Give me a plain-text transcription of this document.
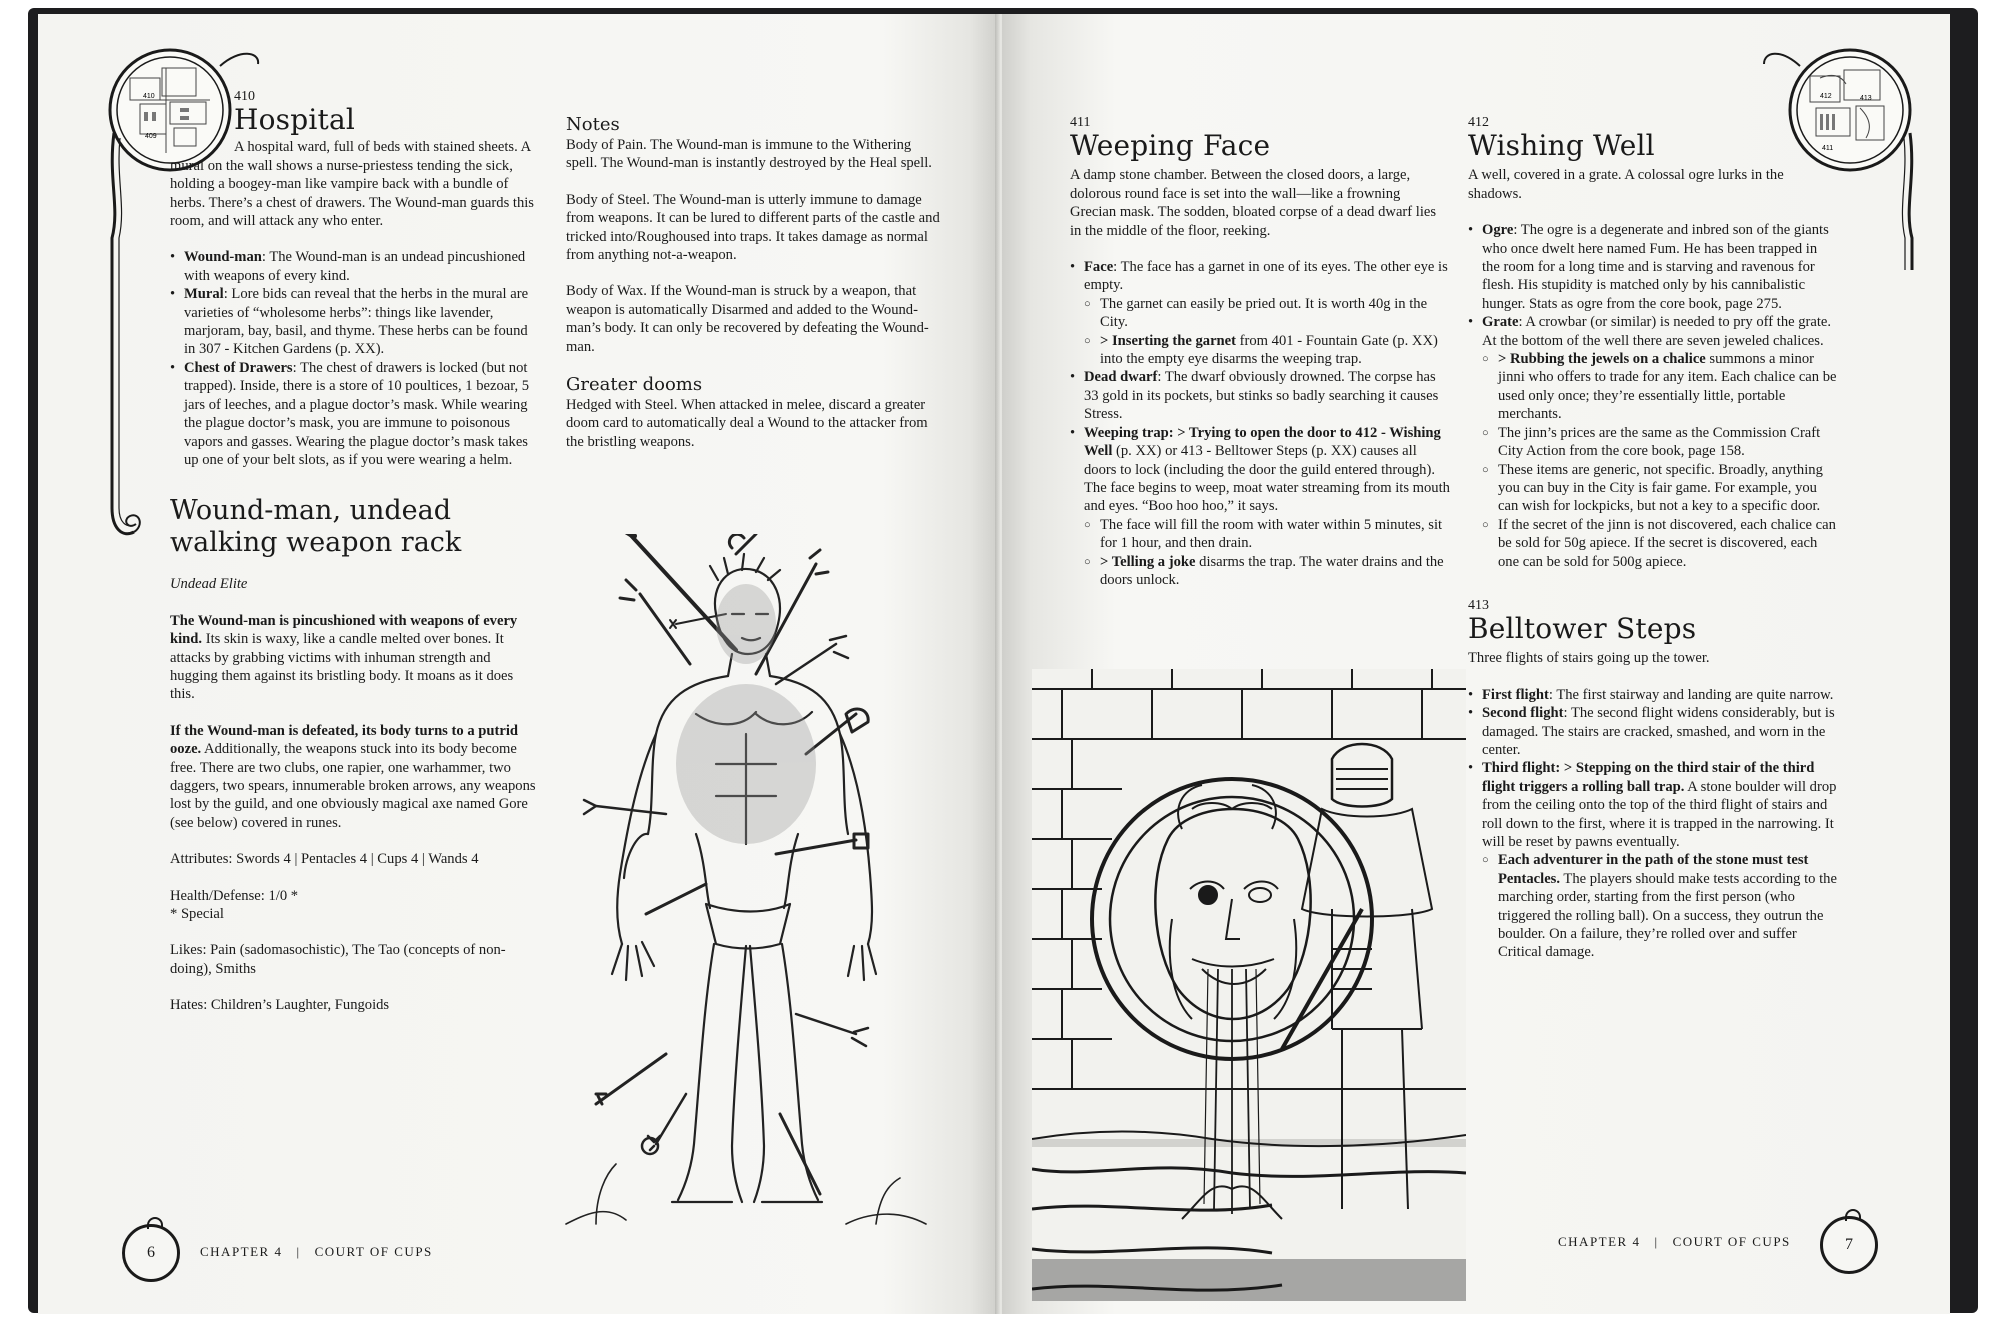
410
409
410
Hospital

A hospital ward, full of beds with stained sheets. A mural on the wall shows a nurse-priestess tending the sick, holding a boogey-man like vampire back with a bundle of herbs. There’s a chest of drawers. The Wound-man guards this room, and will attack any who enter.

• Wound-man: The Wound-man is an undead pincushioned with weapons of every kind.
• Mural: Lore bids can reveal that the herbs in the mural are varieties of “wholesome herbs”: things like lavender, marjoram, bay, basil, and thyme. These herbs can be found in 307 - Kitchen Gardens (p. XX).
• Chest of Drawers: The chest of drawers is locked (but not trapped). Inside, there is a store of 10 poultices, 1 bezoar, 5 jars of leeches, and a plague doctor’s mask. While wearing the plague doctor’s mask, you are immune to poisonous vapors and gasses. Wearing the plague doctor’s mask takes up one of your belt slots, as if you were wearing a helm.
Wound-man, undead walking weapon rack

Undead Elite

The Wound-man is pincushioned with weapons of every kind. Its skin is waxy, like a candle melted over bones. It attacks by grabbing victims with inhuman strength and hugging them against its bristling body. It moans as it does this.

If the Wound-man is defeated, its body turns to a putrid ooze. Additionally, the weapons stuck into its body become free. There are two clubs, one rapier, one warhammer, two daggers, two spears, innumerable broken arrows, any weapons lost by the guild, and one obviously magical axe named Gore (see below) covered in runes.

Attributes: Swords 4 | Pentacles 4 | Cups 4 | Wands 4

Health/Defense: 1/0 *
* Special

Likes: Pain (sadomasochistic), The Tao (concepts of non-doing), Smiths

Hates: Children’s Laughter, Fungoids

Notes

Body of Pain. The Wound-man is immune to the Withering spell. The Wound-man is instantly destroyed by the Heal spell.

Body of Steel. The Wound-man is utterly immune to damage from weapons. It can be lured to different parts of the castle and tricked into/Roughoused into traps. It takes damage as normal from anything not-a-weapon.

Body of Wax. If the Wound-man is struck by a weapon, that weapon is automatically Disarmed and added to the Wound-man’s body. It can only be recovered by defeating the Wound-man.

Greater dooms

Hedged with Steel. When attacked in melee, discard a greater doom card to automatically deal a Wound to the attacker from the bristling weapons.

6	CHAPTER 4 | COURT OF CUPS
411
Weeping Face

A damp stone chamber. Between the closed doors, a large, dolorous round face is set into the wall—like a frowning Grecian mask. The sodden, bloated corpse of a dead dwarf lies in the middle of the floor, reeking.

• Face: The face has a garnet in one of its eyes. The other eye is empty.
○ The garnet can easily be pried out. It is worth 40g in the City.
○ > Inserting the garnet from 401 - Fountain Gate (p. XX) into the empty eye disarms the weeping trap.
• Dead dwarf: The dwarf obviously drowned. The corpse has 33 gold in its pockets, but stinks so badly searching it causes Stress.
• Weeping trap: > Trying to open the door to 412 - Wishing Well (p. XX) or 413 - Belltower Steps (p. XX) causes all doors to lock (including the door the guild entered through). The face begins to weep, moat water streaming from its mouth and eyes. “Boo hoo hoo,” it says.
○ The face will fill the room with water within 5 minutes, sit for 1 hour, and then drain.
○ > Telling a joke disarms the trap. The water drains and the doors unlock.
412
Wishing Well

A well, covered in a grate. A colossal ogre lurks in the shadows.

• Ogre: The ogre is a degenerate and inbred son of the giants who once dwelt here named Fum. He has been trapped in the room for a long time and is starving and ravenous for flesh. His stupidity is matched only by his cannibalistic hunger. Stats as ogre from the core book, page 275.
• Grate: A crowbar (or similar) is needed to pry off the grate. At the bottom of the well there are seven jeweled chalices.
○ > Rubbing the jewels on a chalice summons a minor jinni who offers to trade for any item. Each chalice can be used only once; they’re essentially little, portable merchants.
○ The jinn’s prices are the same as the Commission Craft City Action from the core book, page 158.
○ These items are generic, not specific. Broadly, anything you can buy in the City is fair game. For example, you can wish for lockpicks, but not a key to a specific door.
○ If the secret of the jinn is not discovered, each chalice can be sold for 50g apiece. If the secret is discovered, each one can be sold for 500g apiece.
413
Belltower Steps

Three flights of stairs going up the tower.

• First flight: The first stairway and landing are quite narrow.
• Second flight: The second flight widens considerably, but is damaged. The stairs are cracked, smashed, and worn in the center.
• Third flight: > Stepping on the third stair of the third flight triggers a rolling ball trap. A stone boulder will drop from the ceiling onto the top of the third flight of stairs and roll down to the first, where it is trapped in the narrowing. It will be reset by pawns eventually.
○ Each adventurer in the path of the stone must test Pentacles. The players should make tests according to the marching order, starting from the first person (who triggered the rolling ball). On a success, they outrun the boulder. On a failure, they’re rolled over and suffer Critical damage.
412	413
411
CHAPTER 4 | COURT OF CUPS	7
